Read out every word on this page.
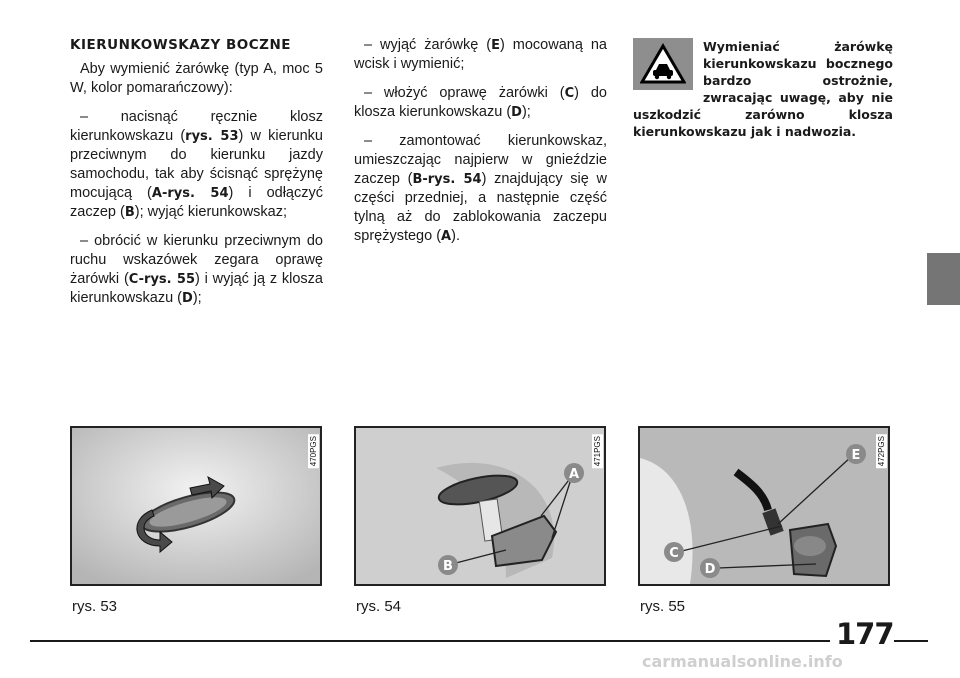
KIERUNKOWSKAZY BOCZNE

Aby wymienić żarówkę (typ A, moc 5 W, kolor pomarańczowy):

– nacisnąć ręcznie klosz kierunkowskazu (rys. 53) w kierunku przeciwnym do kierunku jazdy samochodu, tak aby ścisnąć sprężynę mocującą (A-rys. 54) i odłączyć zaczep (B); wyjąć kierunkowskaz;

– obrócić w kierunku przeciwnym do ruchu wskazówek zegara oprawę żarówki (C-rys. 55) i wyjąć ją z klosza kierunkowskazu (D);

– wyjąć żarówkę (E) mocowaną na wcisk i wymienić;

– włożyć oprawę żarówki (C) do klosza kierunkowskazu (D);

– zamontować kierunkowskaz, umieszczając najpierw w gnieździe zaczep (B-rys. 54) znajdujący się w części przedniej, a następnie część tylną aż do zablokowania zaczepu sprężystego (A).

Wymieniać żarówkę kierunkowskazu bocznego bardzo ostrożnie, zwracając uwagę, aby nie uszkodzić zarówno klosza kierunkowskazu jak i nadwozia.
470PGS
rys. 53
A
B
471PGS
rys. 54
E
C
D
472PGS
rys. 55
177
carmanualsonline.info
